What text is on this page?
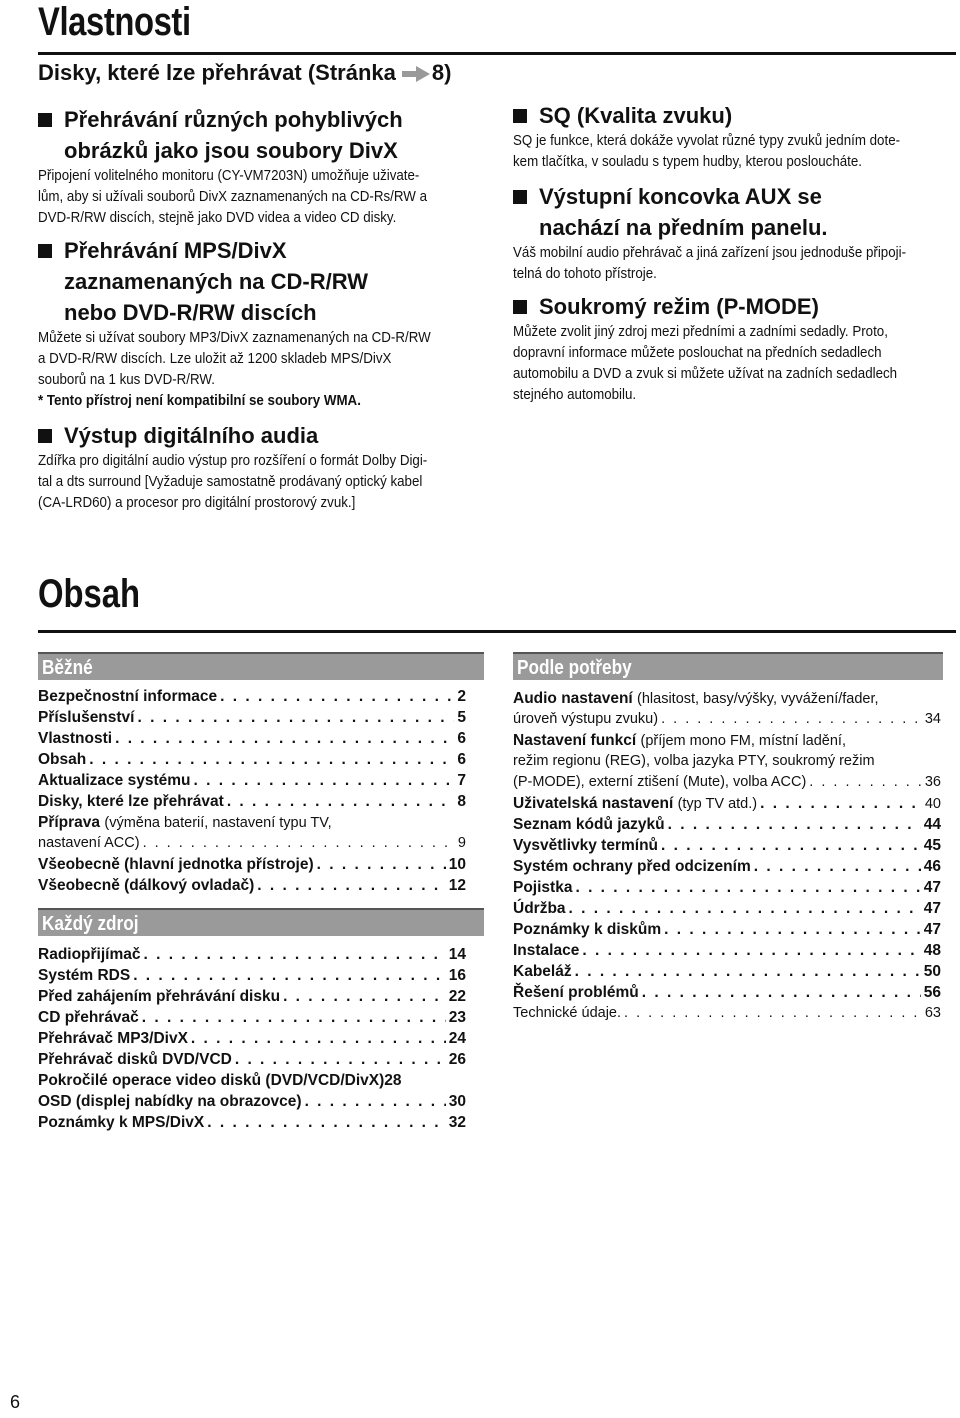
Vlastnosti
Disky, které lze přehrávat (Stránka 8)
Přehrávání různých pohyblivých
obrázků jako jsou soubory DivX

Připojení volitelného monitoru (CY-VM7203N) umožňuje uživate-

lům, aby si užívali souborů DivX zaznamenaných na CD-Rs/RW a

DVD-R/RW discích, stejně jako DVD videa a video CD disky.

Přehrávání MPS/DivX
zaznamenaných na CD-R/RW
nebo DVD-R/RW discích

Můžete si užívat soubory MP3/DivX zaznamenaných na CD-R/RW

a DVD-R/RW discích. Lze uložit až 1200 skladeb MPS/DivX

souborů na 1 kus DVD-R/RW.

* Tento přístroj není kompatibilní se soubory WMA.

Výstup digitálního audia

Zdířka pro digitální audio výstup pro rozšíření o formát Dolby Digi-

tal a dts surround [Vyžaduje samostatně prodávaný optický kabel

(CA-LRD60) a procesor pro digitální prostorový zvuk.]

SQ (Kvalita zvuku)

SQ je funkce, která dokáže vyvolat různé typy zvuků jedním dote-

kem tlačítka, v souladu s typem hudby, kterou posloucháte.

Výstupní koncovka AUX se
nachází na předním panelu.

Váš mobilní audio přehrávač a jiná zařízení jsou jednoduše připoji-

telná do tohoto přístroje.

Soukromý režim (P-MODE)

Můžete zvolit jiný zdroj mezi předními a zadními sedadly. Proto,

dopravní informace můžete poslouchat na předních sedadlech

automobilu a DVD a zvuk si můžete užívat na zadních sedadlech

stejného automobilu.

Obsah
Běžné
Bezpečnostní informace . . .	2
Příslušenství . . .	5
Vlastnosti . . .	6
Obsah . . .	6
Aktualizace systému . . .	7
Disky, které lze přehrávat . . .	8
Příprava (výměna baterií, nastavení typu TV,
nastavení ACC) . . .	9
Všeobecně (hlavní jednotka přístroje) . . .	10
Všeobecně (dálkový ovladač) . . .	12
Každý zdroj
Radiopřijímač . . .	14
Systém RDS . . .	16
Před zahájením přehrávání disku . . .	22
CD přehrávač . . .	23
Přehrávač MP3/DivX . . .	24
Přehrávač disků DVD/VCD . . .	26
Pokročilé operace video disků (DVD/VCD/DivX) 28
OSD (displej nabídky na obrazovce) . . .	30
Poznámky k MPS/DivX . . .	32
Podle potřeby
Audio nastavení (hlasitost, basy/výšky, vyvážení/fader,
úroveň výstupu zvuku) . . .	34
Nastavení funkcí (příjem mono FM, místní ladění,
režim regionu (REG), volba jazyka PTY, soukromý režim
(P-MODE), externí ztišení (Mute), volba ACC) . . .	36
Uživatelská nastavení (typ TV atd.) . . .	40
Seznam kódů jazyků . . .	44
Vysvětlivky termínů . . .	45
Systém ochrany před odcizením . . .	46
Pojistka . . .	47
Údržba . . .	47
Poznámky k diskům . . .	47
Instalace . . .	48
Kabeláž . . .	50
Řešení problémů . . .	56
Technické údaje. . . .	63
6
